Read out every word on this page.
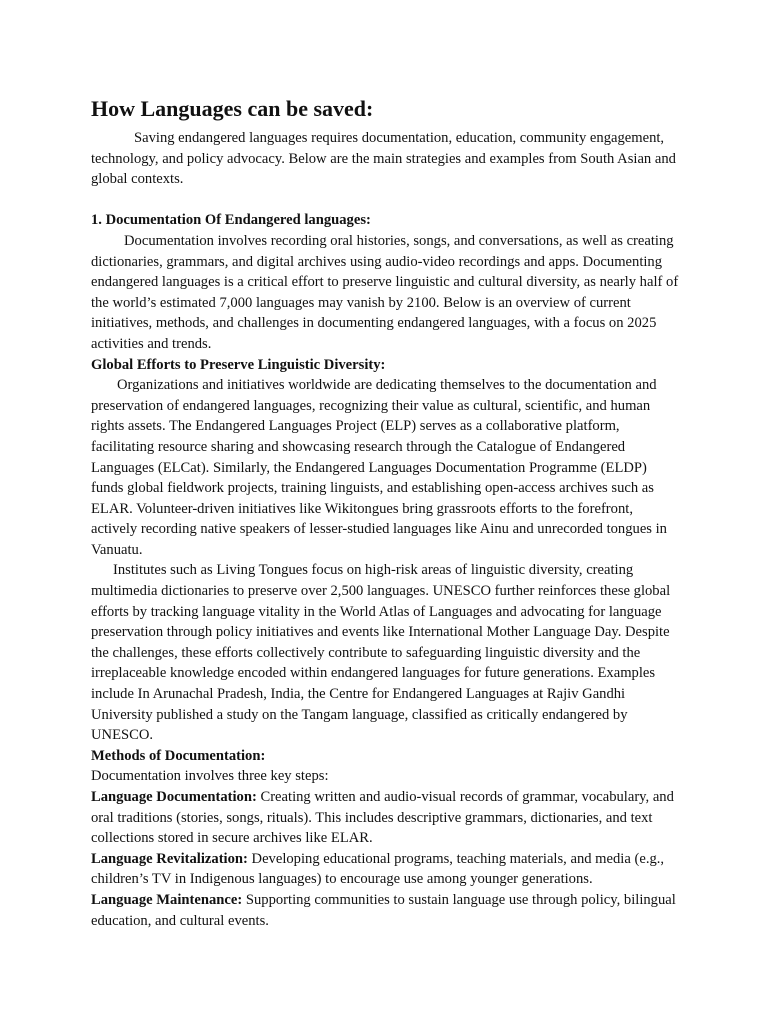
How Languages can be saved:

Saving endangered languages requires documentation, education, community engagement, technology, and policy advocacy. Below are the main strategies and examples from South Asian and global contexts.

1. Documentation Of Endangered languages:

Documentation involves recording oral histories, songs, and conversations, as well as creating dictionaries, grammars, and digital archives using audio-video recordings and apps. Documenting endangered languages is a critical effort to preserve linguistic and cultural diversity, as nearly half of the world’s estimated 7,000 languages may vanish by 2100. Below is an overview of current initiatives, methods, and challenges in documenting endangered languages, with a focus on 2025 activities and trends.

Global Efforts to Preserve Linguistic Diversity:

Organizations and initiatives worldwide are dedicating themselves to the documentation and preservation of endangered languages, recognizing their value as cultural, scientific, and human rights assets. The Endangered Languages Project (ELP) serves as a collaborative platform, facilitating resource sharing and showcasing research through the Catalogue of Endangered Languages (ELCat). Similarly, the Endangered Languages Documentation Programme (ELDP) funds global fieldwork projects, training linguists, and establishing open-access archives such as ELAR. Volunteer-driven initiatives like Wikitongues bring grassroots efforts to the forefront, actively recording native speakers of lesser-studied languages like Ainu and unrecorded tongues in Vanuatu.

Institutes such as Living Tongues focus on high-risk areas of linguistic diversity, creating multimedia dictionaries to preserve over 2,500 languages. UNESCO further reinforces these global efforts by tracking language vitality in the World Atlas of Languages and advocating for language preservation through policy initiatives and events like International Mother Language Day. Despite the challenges, these efforts collectively contribute to safeguarding linguistic diversity and the irreplaceable knowledge encoded within endangered languages for future generations. Examples include In Arunachal Pradesh, India, the Centre for Endangered Languages at Rajiv Gandhi University published a study on the Tangam language, classified as critically endangered by UNESCO.

Methods of Documentation:

Documentation involves three key steps:

Language Documentation: Creating written and audio-visual records of grammar, vocabulary, and oral traditions (stories, songs, rituals). This includes descriptive grammars, dictionaries, and text collections stored in secure archives like ELAR.

Language Revitalization: Developing educational programs, teaching materials, and media (e.g., children’s TV in Indigenous languages) to encourage use among younger generations.

Language Maintenance: Supporting communities to sustain language use through policy, bilingual education, and cultural events.
